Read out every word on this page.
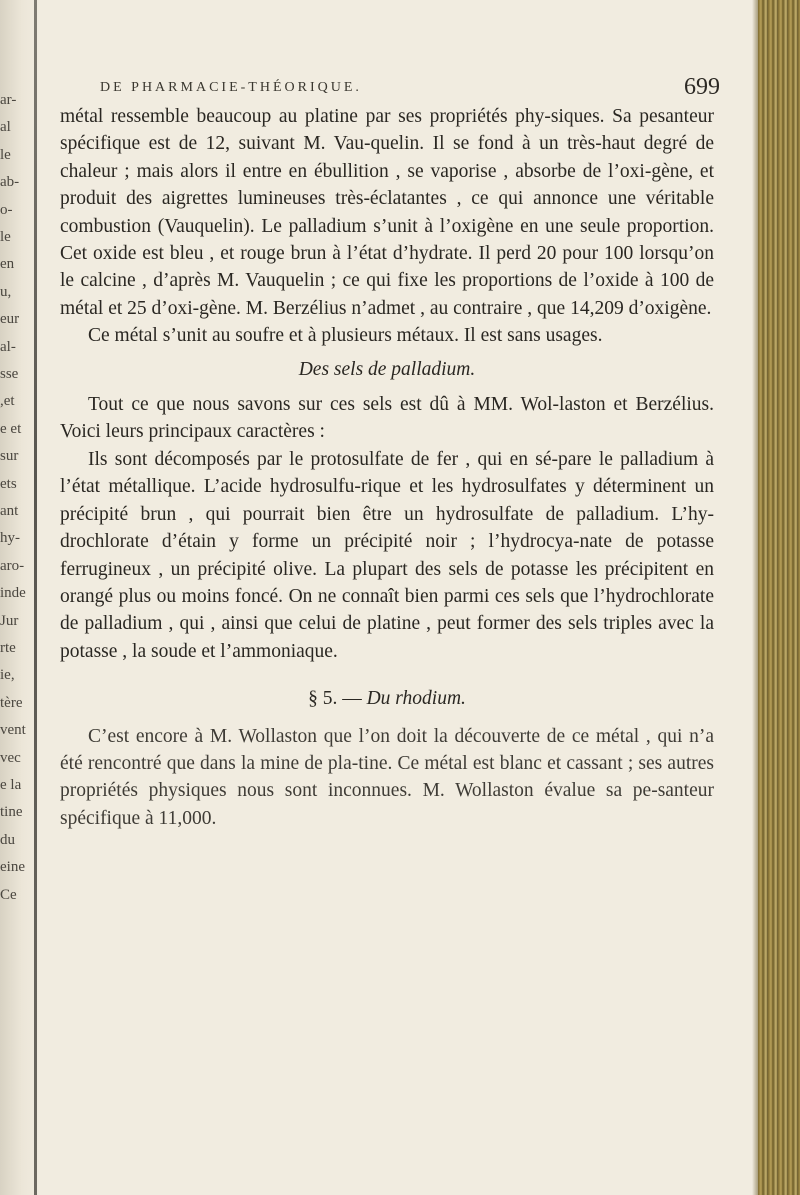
ar-
al
le
ab-
o-
le
en
u,
eur
al-
sse
,et
e et
sur
ets
ant
hy-
aro-
inde
Jur
rte
ie,
tère
vent
vec
e la
tine
du
eine
Ce
DE PHARMACIE-THÉORIQUE.	699

métal ressemble beaucoup au platine par ses propriétés phy-siques. Sa pesanteur spécifique est de 12, suivant M. Vau-quelin. Il se fond à un très-haut degré de chaleur ; mais alors il entre en ébullition , se vaporise , absorbe de l’oxi-gène, et produit des aigrettes lumineuses très-éclatantes , ce qui annonce une véritable combustion (Vauquelin). Le palladium s’unit à l’oxigène en une seule proportion. Cet oxide est bleu , et rouge brun à l’état d’hydrate. Il perd 20 pour 100 lorsqu’on le calcine , d’après M. Vauquelin ; ce qui fixe les proportions de l’oxide à 100 de métal et 25 d’oxi-gène. M. Berzélius n’admet , au contraire , que 14,209 d’oxigène.

Ce métal s’unit au soufre et à plusieurs métaux. Il est sans usages.

Des sels de palladium.

Tout ce que nous savons sur ces sels est dû à MM. Wol-laston et Berzélius. Voici leurs principaux caractères :

Ils sont décomposés par le protosulfate de fer , qui en sé-pare le palladium à l’état métallique. L’acide hydrosulfu-rique et les hydrosulfates y déterminent un précipité brun , qui pourrait bien être un hydrosulfate de palladium. L’hy-drochlorate d’étain y forme un précipité noir ; l’hydrocya-nate de potasse ferrugineux , un précipité olive. La plupart des sels de potasse les précipitent en orangé plus ou moins foncé. On ne connaît bien parmi ces sels que l’hydrochlorate de palladium , qui , ainsi que celui de platine , peut former des sels triples avec la potasse , la soude et l’ammoniaque.

§ 5. — Du rhodium.

C’est encore à M. Wollaston que l’on doit la découverte de ce métal , qui n’a été rencontré que dans la mine de pla-tine. Ce métal est blanc et cassant ; ses autres propriétés physiques nous sont inconnues. M. Wollaston évalue sa pe-santeur spécifique à 11,000.
